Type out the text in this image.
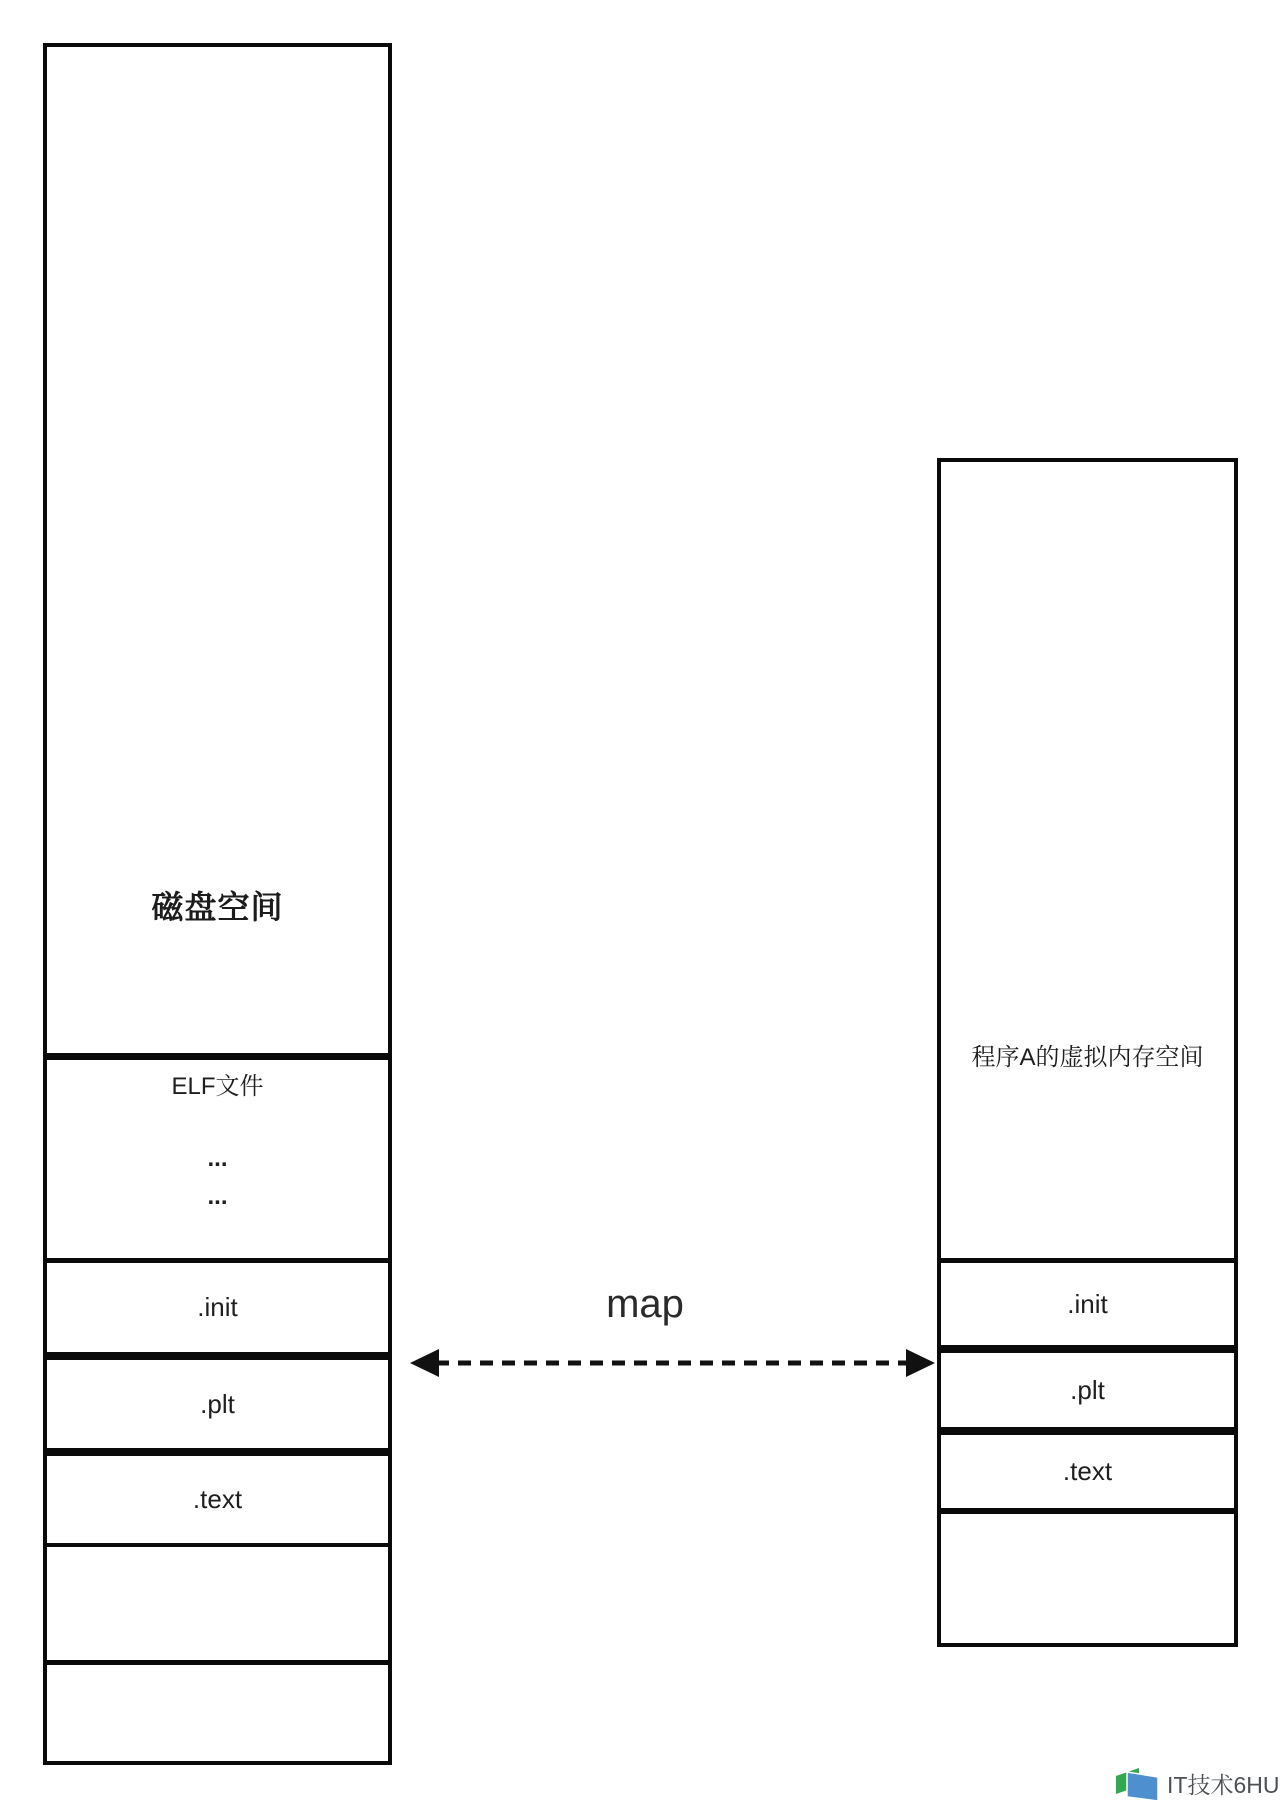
磁盘空间
ELF文件
...
...
.init
.plt
.text
程序A的虚拟内存空间
.init
.plt
.text
map
IT技术6HU
